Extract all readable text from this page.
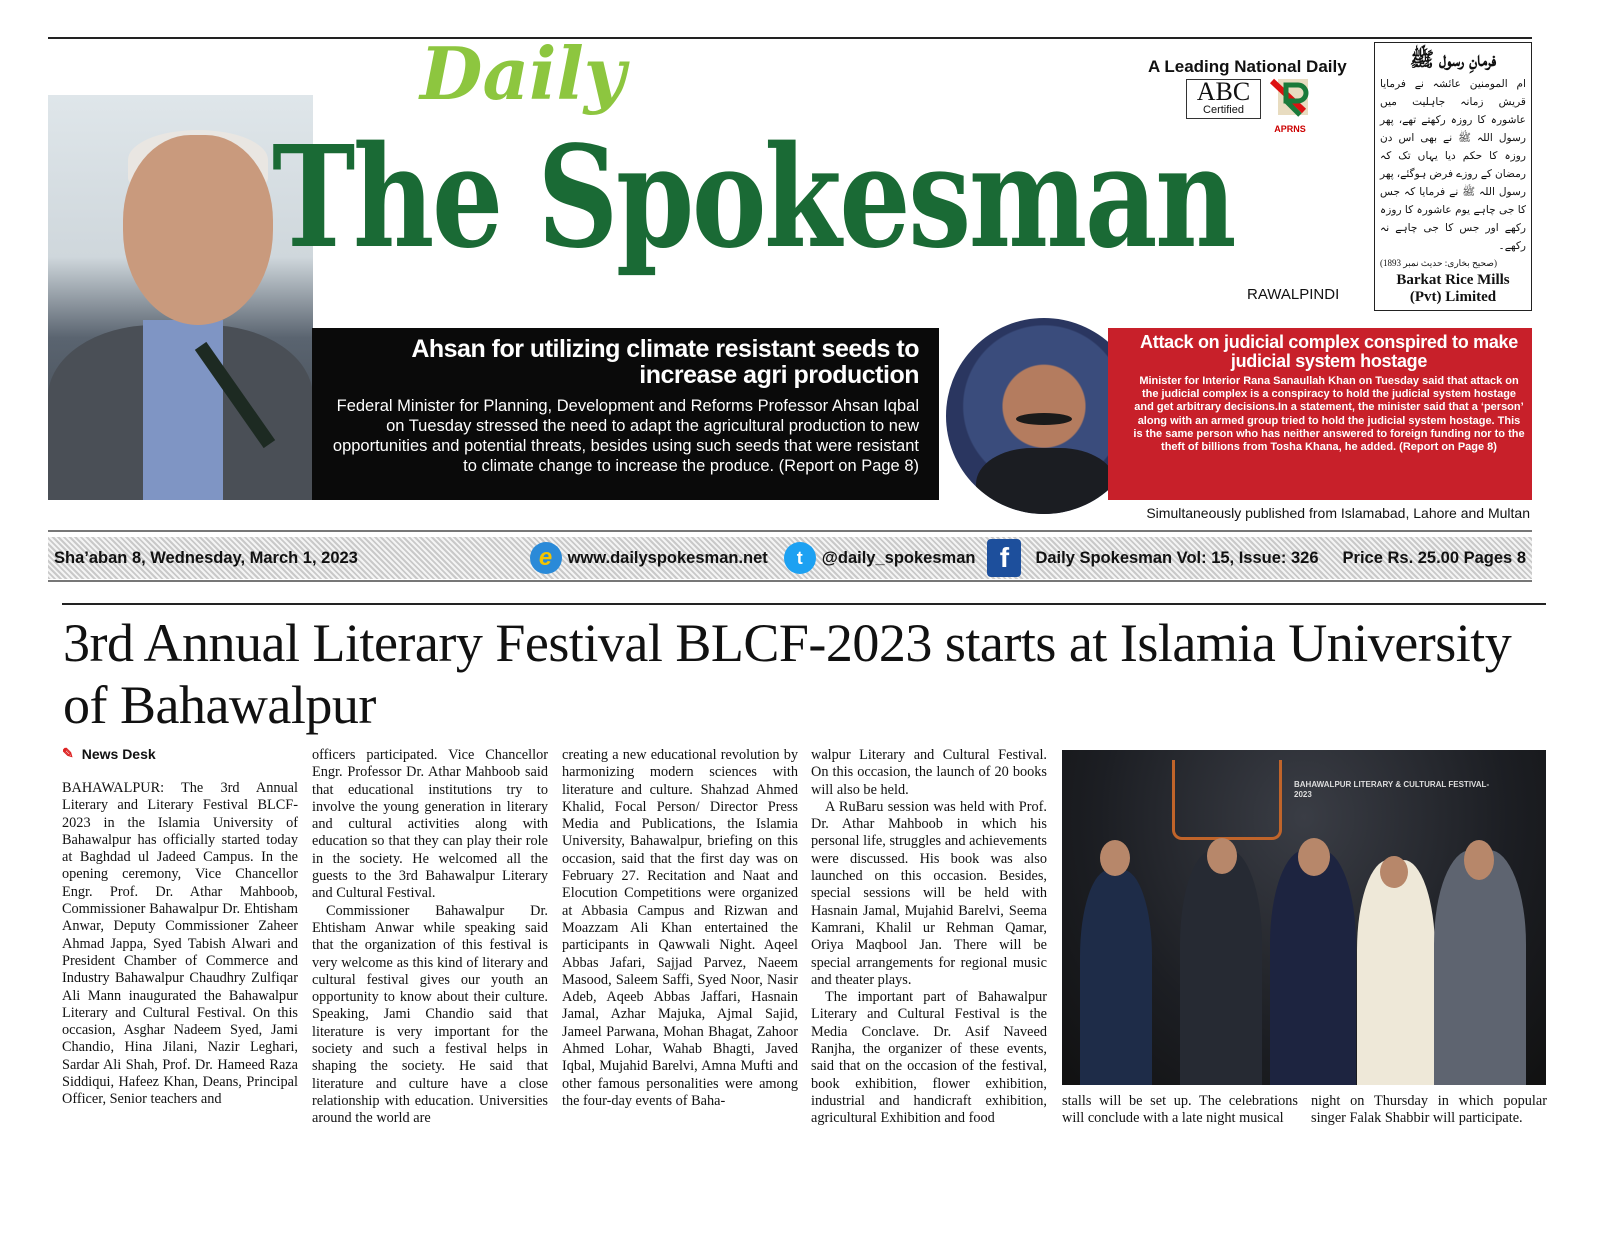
Daily
The Spokesman
A Leading National Daily
ABC
Certified
APRNS
RAWALPINDI
فرمانِ رسول ﷺ
ام المومنین عائشہ نے فرمایا قریش زمانہ جاہلیت میں عاشورہ کا روزہ رکھتے تھے، پھر رسول اللہ ﷺ نے بھی اس دن روزہ کا حکم دیا یہاں تک کہ رمضان کے روزے فرض ہوگئے، پھر رسول اللہ ﷺ نے فرمایا کہ جس کا جی چاہے یوم عاشورہ کا روزہ رکھے اور جس کا جی چاہے نہ رکھے۔
(صحیح بخاری: حدیث نمبر 1893)
Barkat Rice Mills (Pvt) Limited
Ahsan for utilizing climate resistant seeds to increase agri production

Federal Minister for Planning, Development and Reforms Professor Ahsan Iqbal on Tuesday stressed the need to adapt the agricultural production to new opportunities and potential threats, besides using such seeds that were resistant to climate change to increase the produce. (Report on Page 8)

Attack on judicial complex conspired to make judicial system hostage

Minister for Interior Rana Sanaullah Khan on Tuesday said that attack on the judicial complex is a conspiracy to hold the judicial system hostage and get arbitrary decisions.In a statement, the minister said that a ‘person’ along with an armed group tried to hold the judicial system hostage. This is the same person who has neither answered to foreign funding nor to the theft of billions from Tosha Khana, he added. (Report on Page 8)

Simultaneously published from Islamabad, Lahore and Multan
Sha’aban 8, Wednesday, March 1, 2023	e www.dailyspokesman.net	t	@daily_spokesman f	Daily Spokesman Vol: 15, Issue: 326 Price Rs. 25.00 Pages 8
3rd Annual Literary Festival BLCF-2023 starts at Islamia University of Bahawalpur
✎ News Desk

BAHAWALPUR: The 3rd Annual Literary and Literary Festival BLCF-2023 in the Islamia University of Bahawalpur has officially started today at Baghdad ul Jadeed Campus. In the opening ceremony, Vice Chancellor Engr. Prof. Dr. Athar Mahboob, Commissioner Bahawalpur Dr. Ehtisham Anwar, Deputy Commissioner Zaheer Ahmad Jappa, Syed Tabish Alwari and President Chamber of Commerce and Industry Bahawalpur Chaudhry Zulfiqar Ali Mann inaugurated the Bahawalpur Literary and Cultural Festival. On this occasion, Asghar Nadeem Syed, Jami Chandio, Hina Jilani, Nazir Leghari, Sardar Ali Shah, Prof. Dr. Hameed Raza Siddiqui, Hafeez Khan, Deans, Principal Officer, Senior teachers and

officers participated. Vice Chancellor Engr. Professor Dr. Athar Mahboob said that educational institutions try to involve the young generation in literary and cultural activities along with education so that they can play their role in the society. He welcomed all the guests to the 3rd Bahawalpur Literary and Cultural Festival.

Commissioner Bahawalpur Dr. Ehtisham Anwar while speaking said that the organization of this festival is very welcome as this kind of literary and cultural festival gives our youth an opportunity to know about their culture. Speaking, Jami Chandio said that literature is very important for the society and such a festival helps in shaping the society. He said that literature and culture have a close relationship with education. Universities around the world are

creating a new educational revolution by harmonizing modern sciences with literature and culture. Shahzad Ahmed Khalid, Focal Person/ Director Press Media and Publications, the Islamia University, Bahawalpur, briefing on this occasion, said that the first day was on February 27. Recitation and Naat and Elocution Competitions were organized at Abbasia Campus and Rizwan and Moazzam Ali Khan entertained the participants in Qawwali Night. Aqeel Abbas Jafari, Sajjad Parvez, Naeem Masood, Saleem Saffi, Syed Noor, Nasir Adeb, Aqeeb Abbas Jaffari, Hasnain Jamal, Azhar Majuka, Ajmal Sajid, Jameel Parwana, Mohan Bhagat, Zahoor Ahmed Lohar, Wahab Bhagti, Javed Iqbal, Mujahid Barelvi, Amna Mufti and other famous personalities were among the four-day events of Baha-

walpur Literary and Cultural Festival. On this occasion, the launch of 20 books will also be held.

A RuBaru session was held with Prof. Dr. Athar Mahboob in which his personal life, struggles and achievements were discussed. His book was also launched on this occasion. Besides, special sessions will be held with Hasnain Jamal, Mujahid Barelvi, Seema Kamrani, Khalil ur Rehman Qamar, Oriya Maqbool Jan. There will be special arrangements for regional music and theater plays.

The important part of Bahawalpur Literary and Cultural Festival is the Media Conclave. Dr. Asif Naveed Ranjha, the organizer of these events, said that on the occasion of the festival, book exhibition, flower exhibition, industrial and handicraft exhibition, agricultural Exhibition and food

BAHAWALPUR LITERARY & CULTURAL FESTIVAL-2023

stalls will be set up. The celebrations will conclude with a late night musical

night on Thursday in which popular singer Falak Shabbir will participate.
